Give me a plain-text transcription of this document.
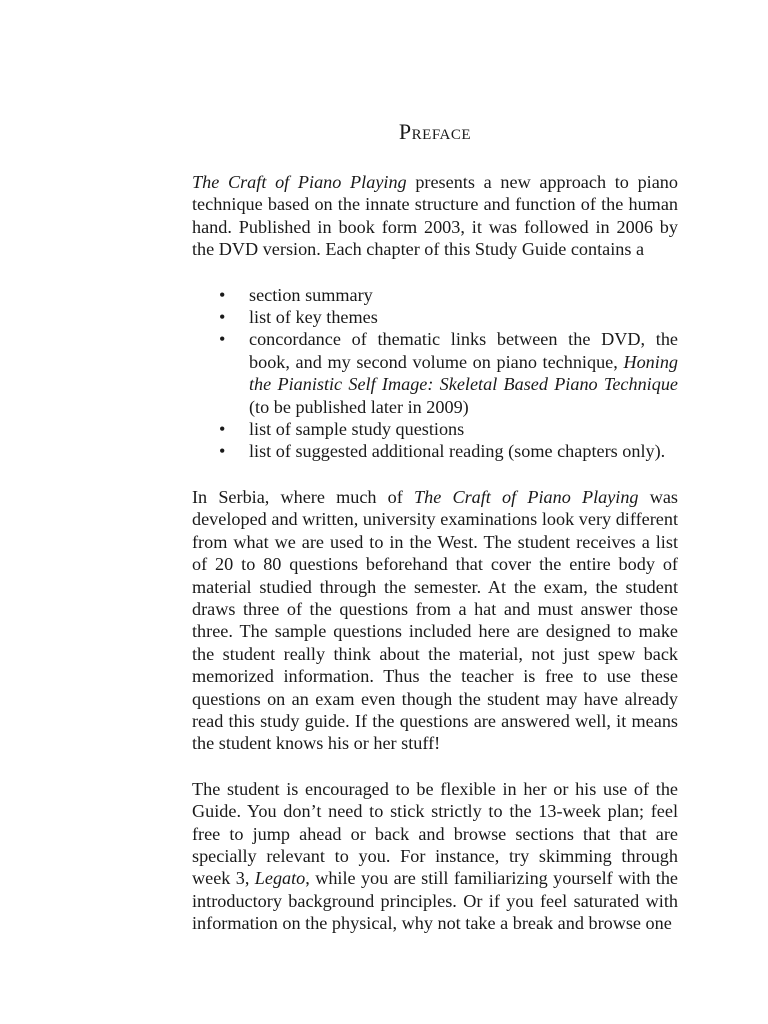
Preface

The Craft of Piano Playing presents a new approach to piano technique based on the innate structure and function of the human hand. Published in book form 2003, it was followed in 2006 by the DVD version. Each chapter of this Study Guide contains a

• section summary
• list of key themes
• concordance of thematic links between the DVD, the book, and my second volume on piano technique, Honing the Pianistic Self Image: Skeletal Based Piano Technique (to be published later in 2009)
• list of sample study questions
• list of suggested additional reading (some chapters only).

In Serbia, where much of The Craft of Piano Playing was developed and written, university examinations look very different from what we are used to in the West. The student receives a list of 20 to 80 questions beforehand that cover the entire body of material studied through the semester. At the exam, the student draws three of the questions from a hat and must answer those three. The sample questions included here are designed to make the student really think about the material, not just spew back memorized information. Thus the teacher is free to use these questions on an exam even though the student may have already read this study guide. If the questions are answered well, it means the student knows his or her stuff!

The student is encouraged to be flexible in her or his use of the Guide. You don’t need to stick strictly to the 13-week plan; feel free to jump ahead or back and browse sections that that are specially relevant to you. For instance, try skimming through week 3, Legato, while you are still familiarizing yourself with the introductory background principles. Or if you feel saturated with information on the physical, why not take a break and browse one
